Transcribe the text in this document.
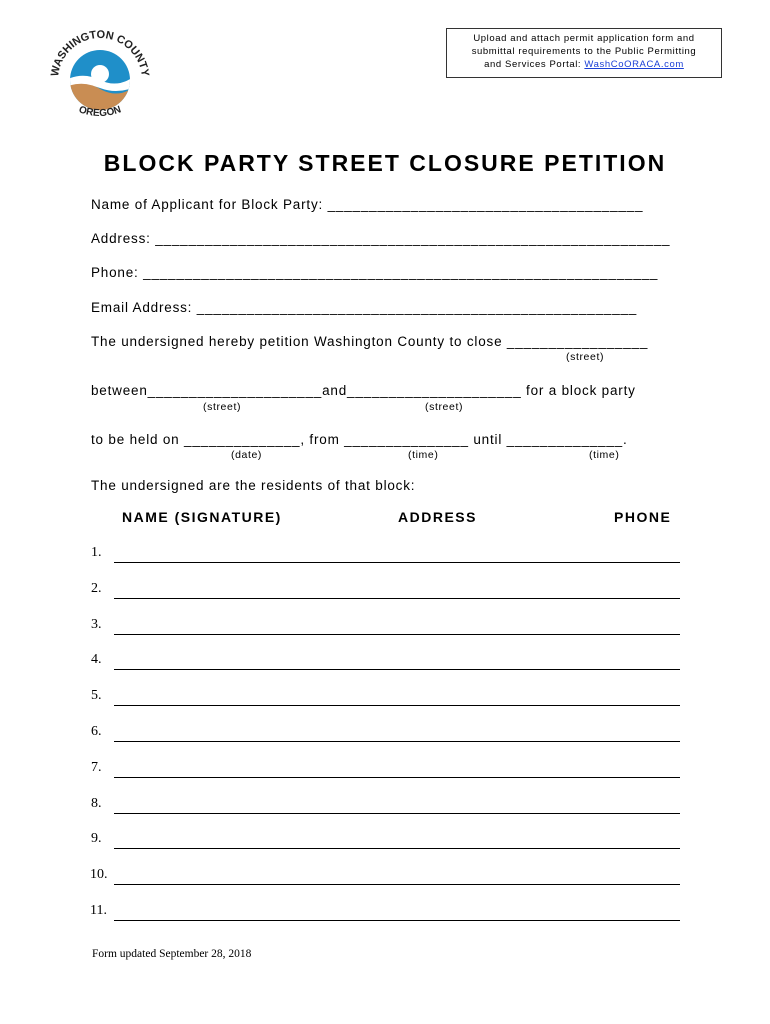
WASHINGTON COUNTY
OREGON
Upload and attach permit application form and
submittal requirements to the Public Permitting
and Services Portal: WashCoORACA.com
BLOCK PARTY STREET CLOSURE PETITION
Name of Applicant for Block Party: ______________________________________
Address: ______________________________________________________________
Phone: ______________________________________________________________
Email Address: _____________________________________________________
The undersigned hereby petition Washington County to close _________________
(street)
between_____________________and_____________________ for a block party
(street)	(street)
to be held on ______________, from _______________ until ______________.
(date)	(time)	(time)
The undersigned are the residents of that block:
NAME (SIGNATURE)	ADDRESS	PHONE
1.
2.
3.
4.
5.
6.
7.
8.
9.
10.
11.
Form updated September 28, 2018
